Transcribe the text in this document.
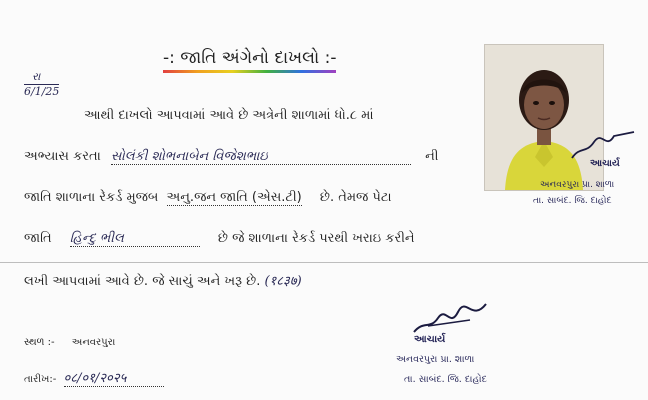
-: જાતિ અંગેનો દાખલો :-
રા
6/1/25
આથી દાખલો આપવામાં આવે છે અત્રેની શાળામાં ધો.૮ માં
અભ્યાસ કરતા સોલંકી શોભનાબેન વિજેશભાઇ	ની
જાતિ શાળાના રેકર્ડ મુજબ અનુ.જન જાતિ (એસ.ટી) છે. તેમજ પેટા
જાતિ હિન્દુ ભીલ	છે જે શાળાના રેકર્ડ પરથી ખરાઇ કરીને
લખી આપવામાં આવે છે. જે સાચું અને ખરૂ છે. (१८३७)
સ્થળ :- અનવરપુરા
તારીખ:- ०८/०१/२०२५
આચાર્ય
અનવરપુરા પ્રા. શાળા
તા. સાબંદ. જિ. દાહોદ
આચાર્ય
અનવરપુરા પ્રા. શાળા
તા. સાબંદ. જિ. દાહોદ
